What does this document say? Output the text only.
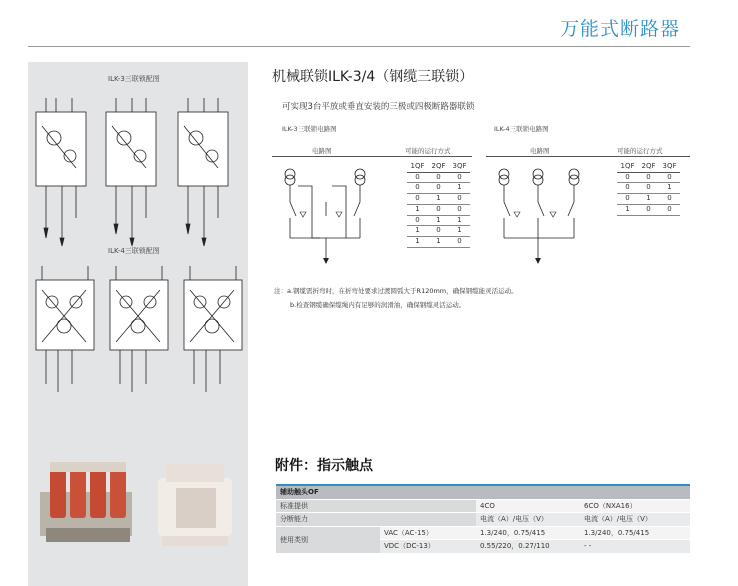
万能式断路器
ILK-3三联锁配图
ILK-4三联锁配图
机械联锁ILK-3/4（钢缆三联锁）
可实现3台平放或垂直安装的三极或四极断路器联锁
ILK-3三联锁电路图
电路图	可能的运行方式
1QF	2QF	3QF
0	0	0
0	0	1
0	1	0
1	0	0
0	1	1
1	0	1
1	1	0
ILK-4三联锁电路图
电路图	可能的运行方式
1QF	2QF	3QF
0	0	0
0	0	1
0	1	0
1	0	0
注：a.钢缆需折弯时，在折弯处要求过渡圆弧大于R120mm，确保钢缆能灵活运动。
b.检查钢缆确保缆绳内有足够的润滑油，确保钢缆灵活运动。
附件：指示触点
辅助触头OF			
标准提供		4CO	6CO（NXA16）
分断能力		电流（A）/电压（V）	电流（A）/电压（V）
使用类别	VAC（AC-15）	1.3/240，0.75/415	1.3/240，0.75/415
	VDC（DC-13）	0.55/220，0.27/110	- -
